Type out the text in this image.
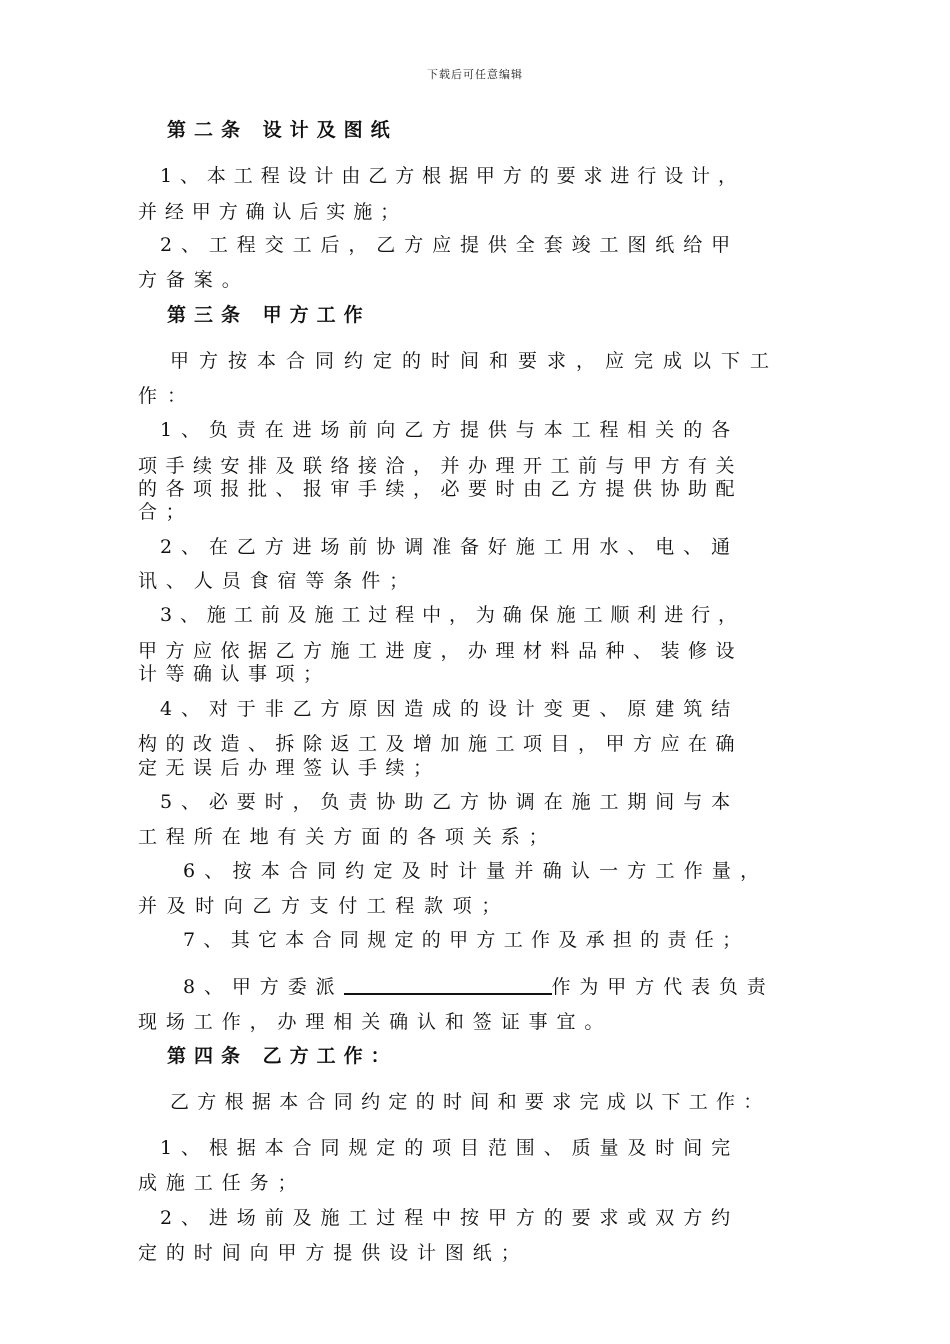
下载后可任意编辑
第二条 设计及图纸
1、本工程设计由乙方根据甲方的要求进行设计，
并经甲方确认后实施；
2、工程交工后，乙方应提供全套竣工图纸给甲
方备案。
第三条 甲方工作
甲方按本合同约定的时间和要求，应完成以下工
作：
1、负责在进场前向乙方提供与本工程相关的各
项手续安排及联络接洽，并办理开工前与甲方有关
的各项报批、报审手续，必要时由乙方提供协助配
合；
2、在乙方进场前协调准备好施工用水、电、通
讯、人员食宿等条件；
3、施工前及施工过程中，为确保施工顺利进行，
甲方应依据乙方施工进度，办理材料品种、装修设
计等确认事项；
4、对于非乙方原因造成的设计变更、原建筑结
构的改造、拆除返工及增加施工项目，甲方应在确
定无误后办理签认手续；
5、必要时，负责协助乙方协调在施工期间与本
工程所在地有关方面的各项关系；
6、按本合同约定及时计量并确认一方工作量，
并及时向乙方支付工程款项；
7、其它本合同规定的甲方工作及承担的责任；
8、甲方委派	作为甲方代表负责
现场工作，办理相关确认和签证事宜。
第四条 乙方工作：
乙方根据本合同约定的时间和要求完成以下工作：
1、根据本合同规定的项目范围、质量及时间完
成施工任务；
2、进场前及施工过程中按甲方的要求或双方约
定的时间向甲方提供设计图纸；
